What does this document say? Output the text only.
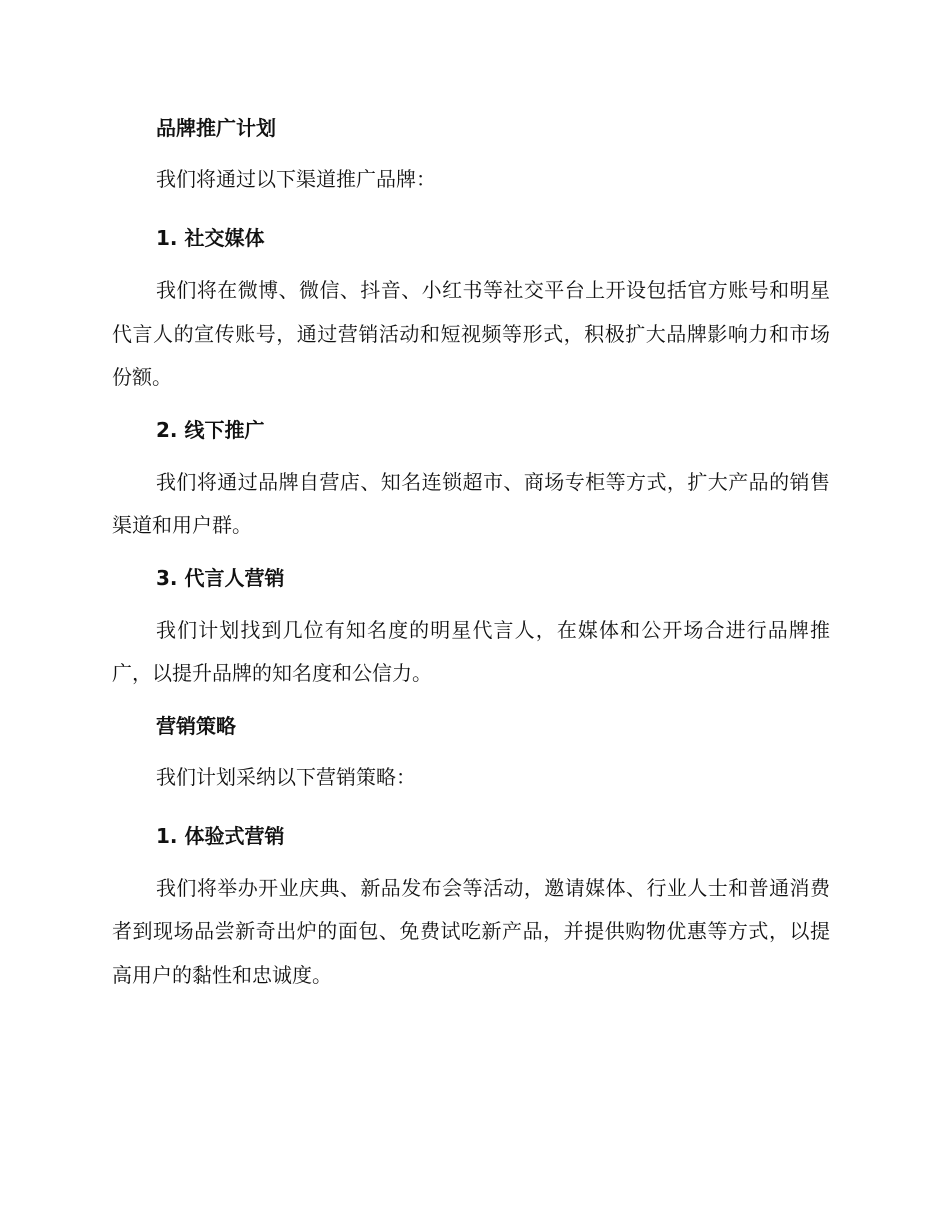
品牌推广计划

我们将通过以下渠道推广品牌：

1. 社交媒体

我们将在微博、微信、抖音、小红书等社交平台上开设包括官方账号和明星代言人的宣传账号，通过营销活动和短视频等形式，积极扩大品牌影响力和市场份额。

2. 线下推广

我们将通过品牌自营店、知名连锁超市、商场专柜等方式，扩大产品的销售渠道和用户群。

3. 代言人营销

我们计划找到几位有知名度的明星代言人，在媒体和公开场合进行品牌推广，以提升品牌的知名度和公信力。

营销策略

我们计划采纳以下营销策略：

1. 体验式营销

我们将举办开业庆典、新品发布会等活动，邀请媒体、行业人士和普通消费者到现场品尝新奇出炉的面包、免费试吃新产品，并提供购物优惠等方式，以提高用户的黏性和忠诚度。
